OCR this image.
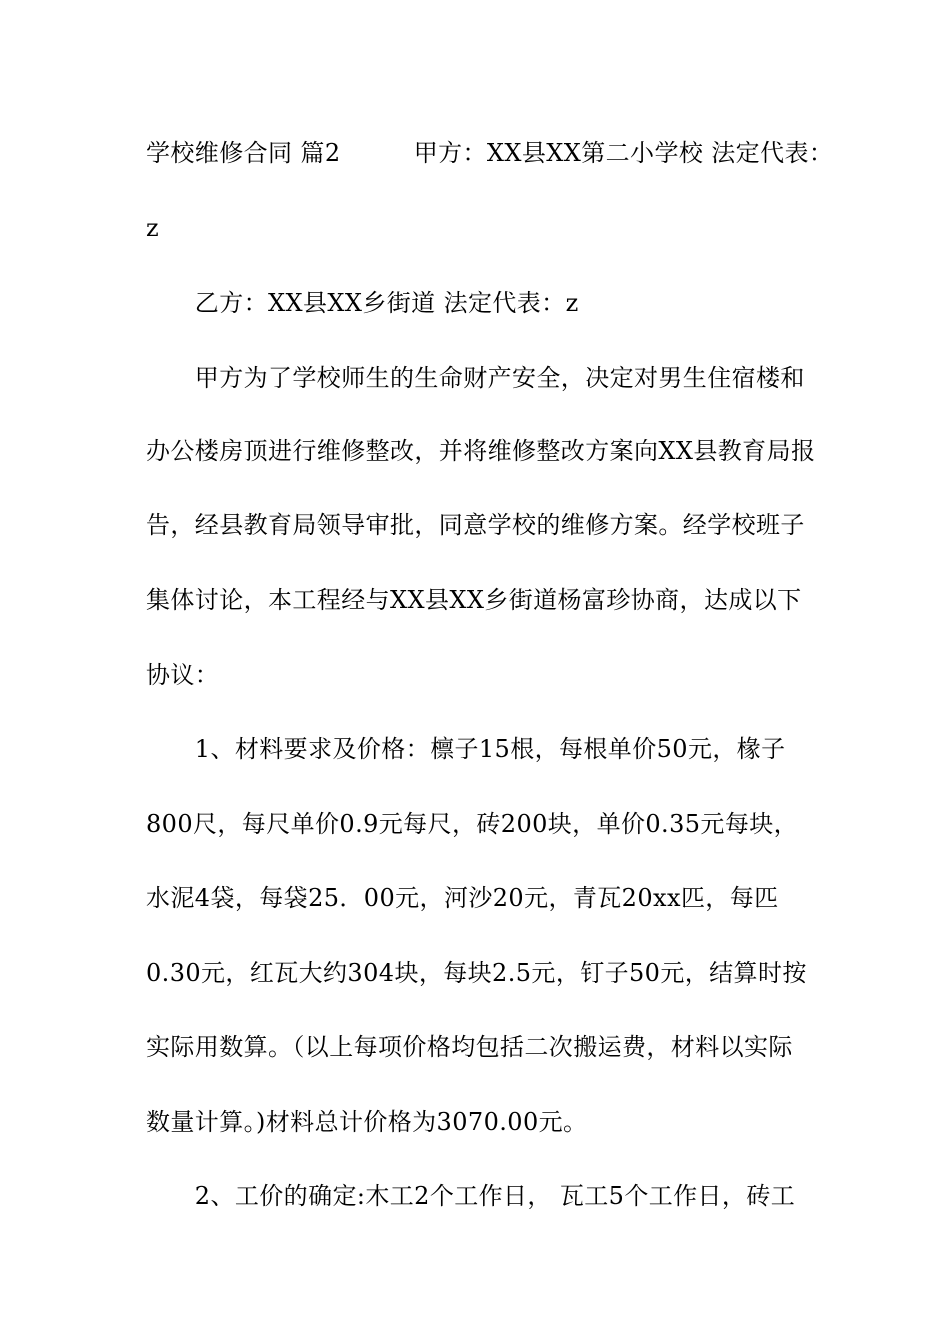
学校维修合同 篇2　　　甲方：XX县XX第二小学校 法定代表：

z

　　乙方：XX县XX乡街道 法定代表：z

　　甲方为了学校师生的生命财产安全，决定对男生住宿楼和

办公楼房顶进行维修整改，并将维修整改方案向XX县教育局报

告，经县教育局领导审批，同意学校的维修方案。经学校班子

集体讨论，本工程经与XX县XX乡街道杨富珍协商，达成以下

协议：

　　1、材料要求及价格：檩子15根，每根单价50元，椽子

800尺，每尺单价0.9元每尺，砖200块，单价0.35元每块，

水泥4袋，每袋25．00元，河沙20元，青瓦20xx匹，每匹

0.30元，红瓦大约304块，每块2.5元，钉子50元，结算时按

实际用数算。（以上每项价格均包括二次搬运费，材料以实际

数量计算。)材料总计价格为3070.00元。

　　2、工价的确定:木工2个工作日， 瓦工5个工作日，砖工
